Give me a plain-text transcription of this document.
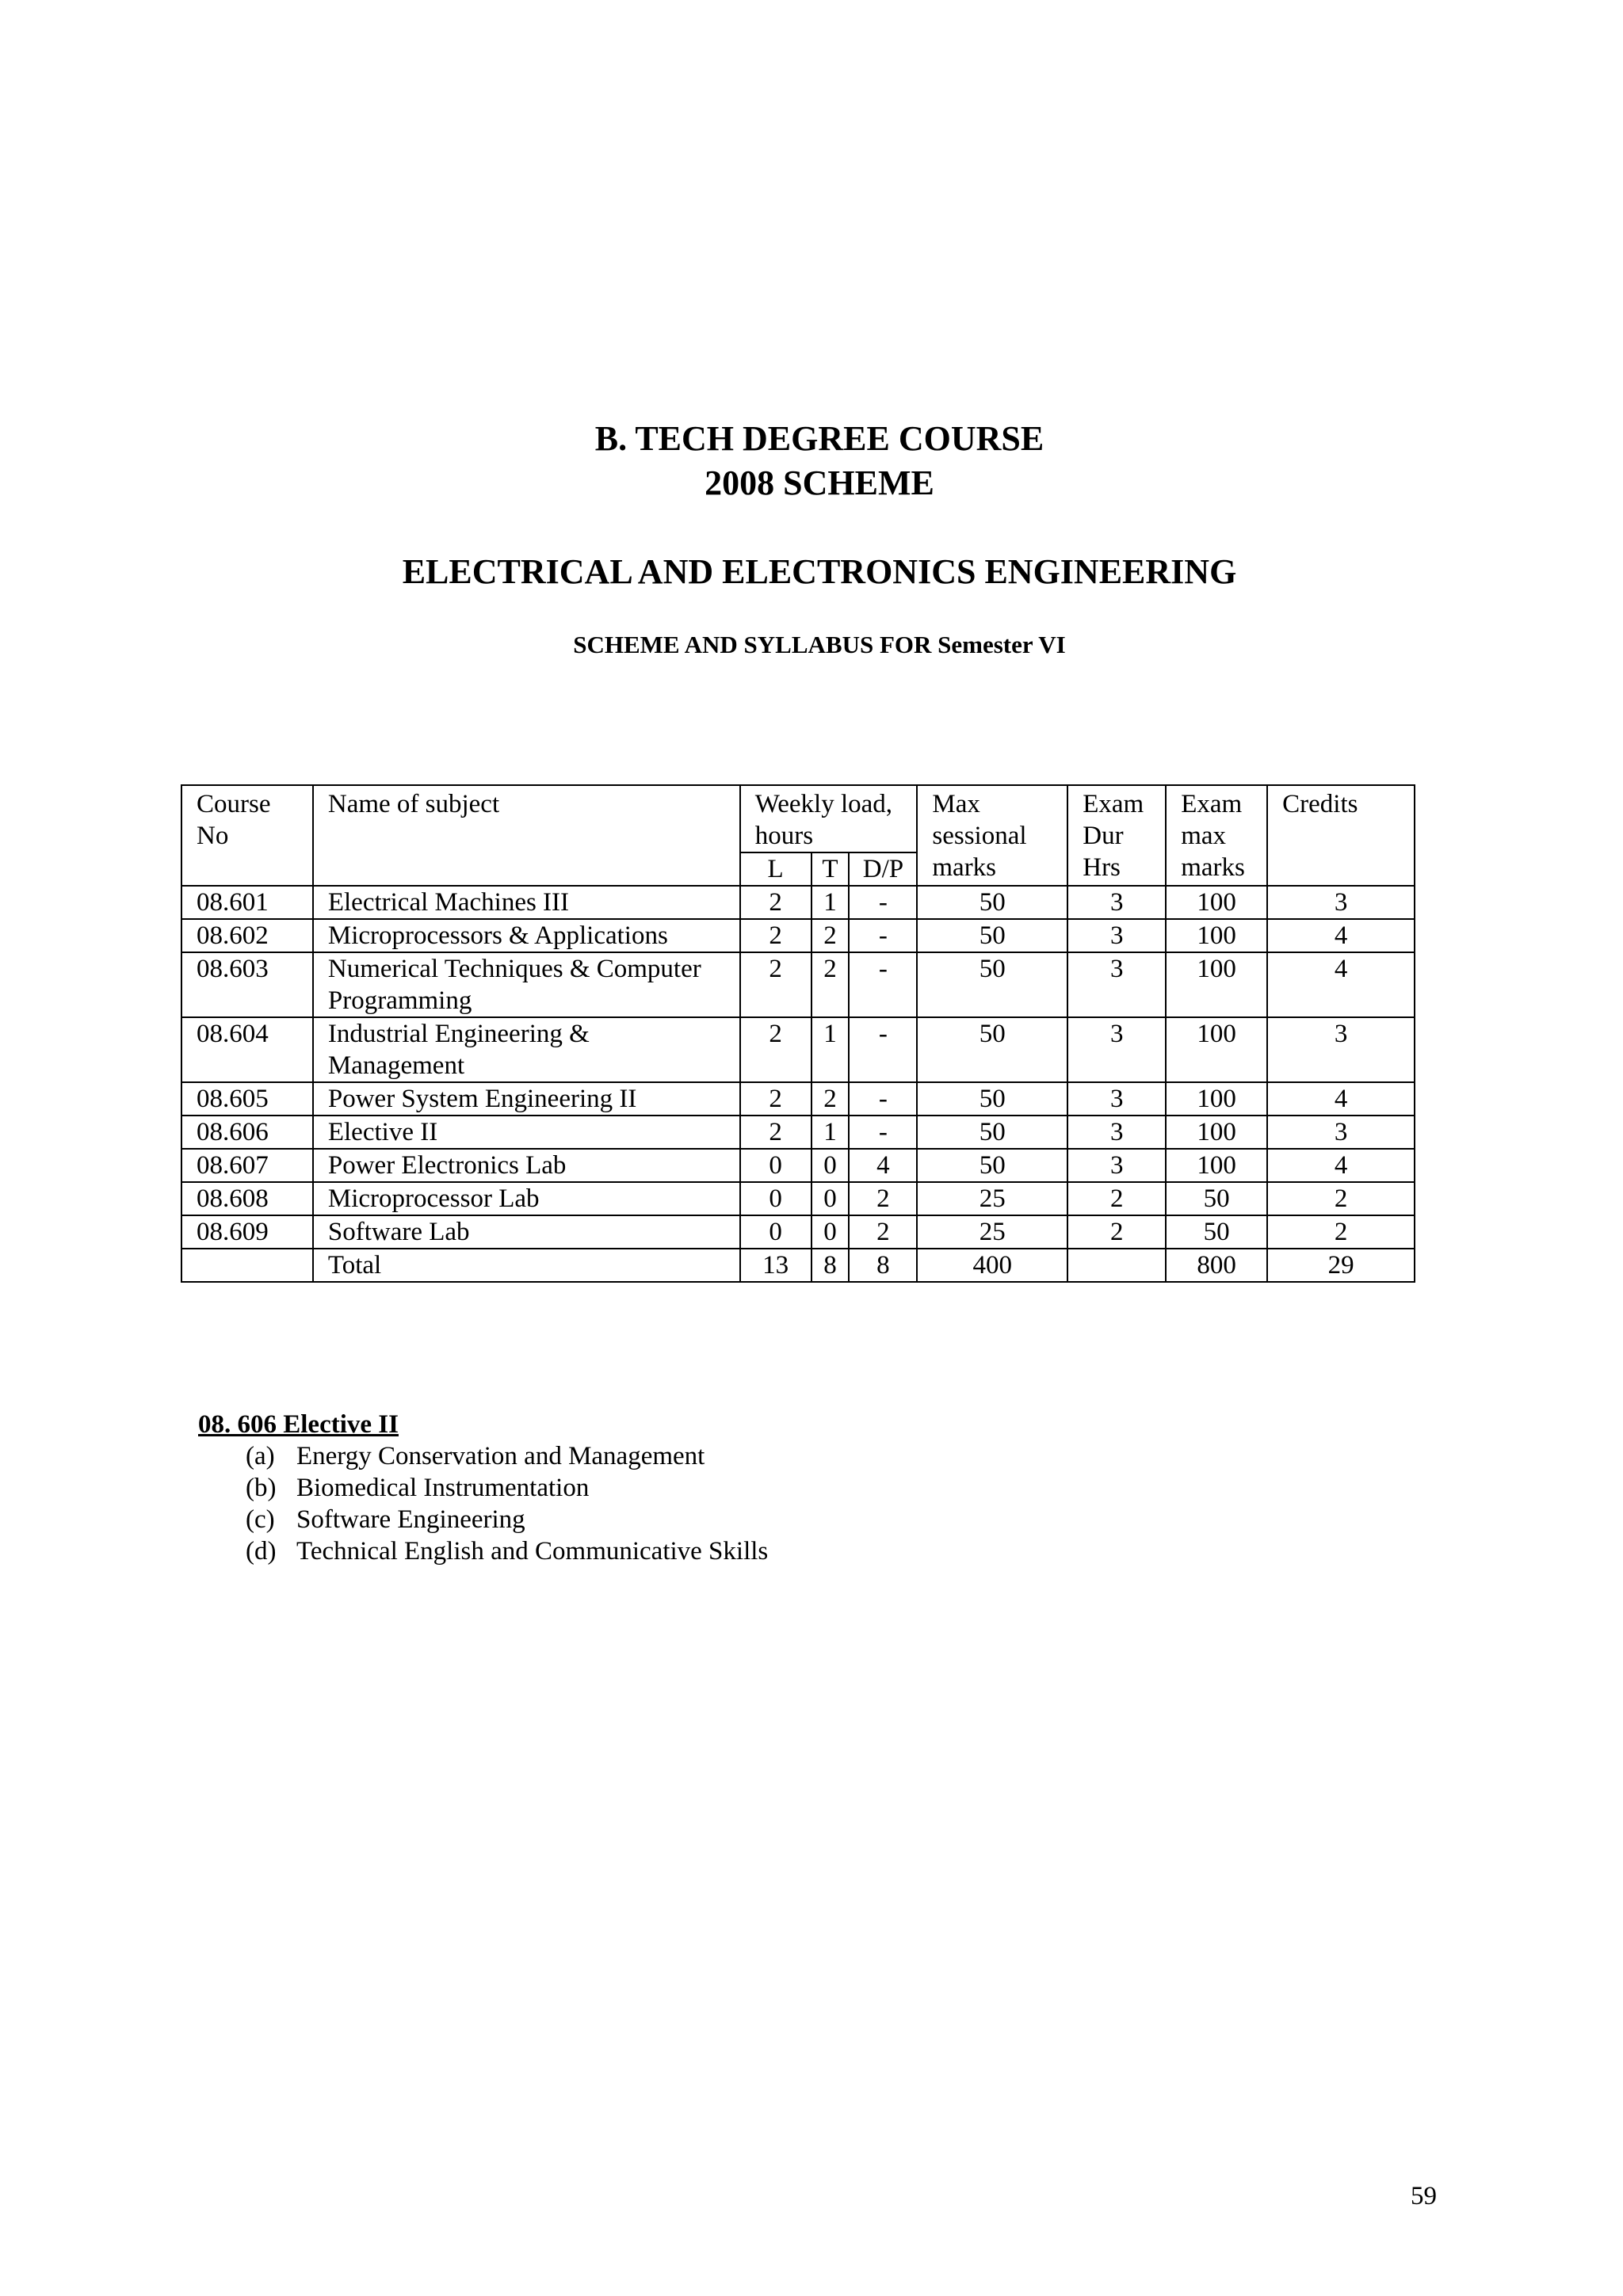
B. TECH DEGREE COURSE
2008 SCHEME
ELECTRICAL AND ELECTRONICS ENGINEERING
SCHEME AND SYLLABUS FOR Semester VI
Course No	Name of subject	Weekly load, hours			Max sessional marks	Exam Dur Hrs	Exam max marks	Credits
		L	T	D/P				
08.601	Electrical Machines III	2	1	-	50	3	100	3
08.602	Microprocessors & Applications	2	2	-	50	3	100	4
08.603	Numerical Techniques & Computer Programming	2	2	-	50	3	100	4
08.604	Industrial Engineering & Management	2	1	-	50	3	100	3
08.605	Power System Engineering II	2	2	-	50	3	100	4
08.606	Elective II	2	1	-	50	3	100	3
08.607	Power Electronics Lab	0	0	4	50	3	100	4
08.608	Microprocessor Lab	0	0	2	25	2	50	2
08.609	Software Lab	0	0	2	25	2	50	2
	Total	13	8	8	400		800	29
08. 606 Elective II
(a) Energy Conservation and Management
(b) Biomedical Instrumentation
(c) Software Engineering
(d) Technical English and Communicative Skills
59
